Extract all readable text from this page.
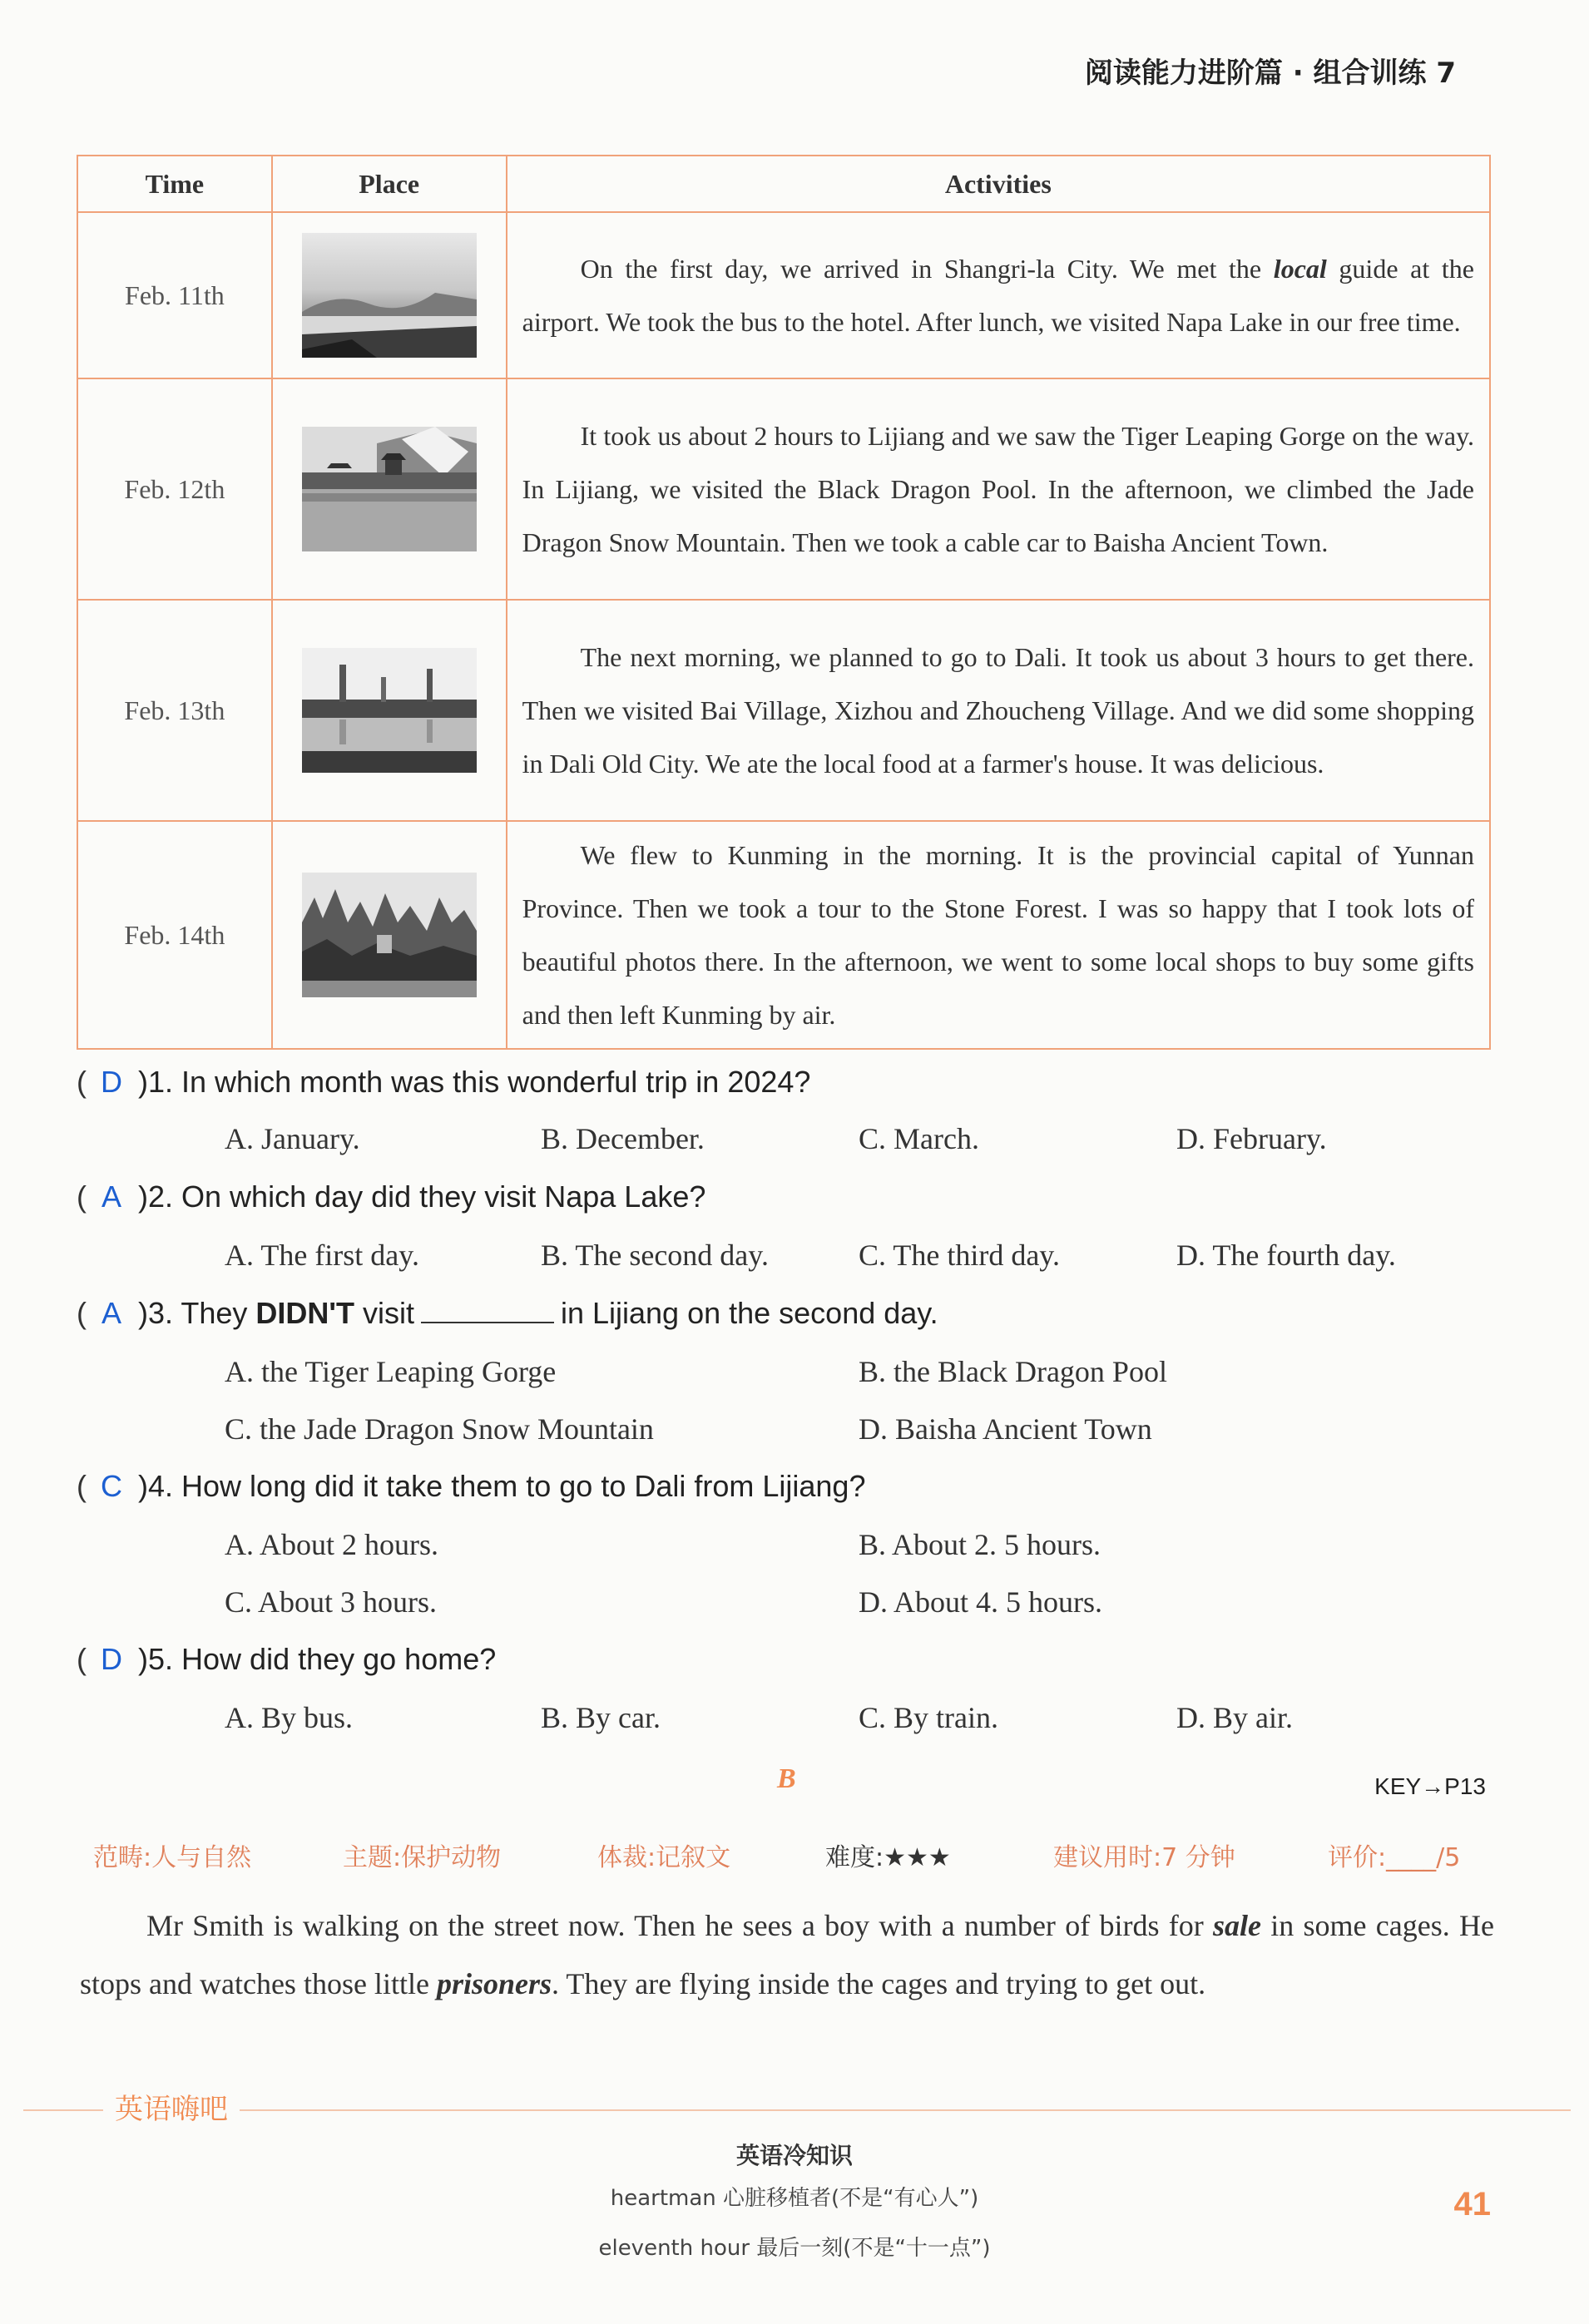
阅读能力进阶篇 · 组合训练 7
Time	Place	Activities
Feb. 11th		On the first day, we arrived in Shangri-la City. We met the local guide at the airport. We took the bus to the hotel. After lunch, we visited Napa Lake in our free time.
Feb. 12th		It took us about 2 hours to Lijiang and we saw the Tiger Leaping Gorge on the way. In Lijiang, we visited the Black Dragon Pool. In the afternoon, we climbed the Jade Dragon Snow Mountain. Then we took a cable car to Baisha Ancient Town.
Feb. 13th		The next morning, we planned to go to Dali. It took us about 3 hours to get there. Then we visited Bai Village, Xizhou and Zhoucheng Village. And we did some shopping in Dali Old City. We ate the local food at a farmer's house. It was delicious.
Feb. 14th		We flew to Kunming in the morning. It is the provincial capital of Yunnan Province. Then we took a tour to the Stone Forest. I was so happy that I took lots of beautiful photos there. In the afternoon, we went to some local shops to buy some gifts and then left Kunming by air.
( D )1. In which month was this wonderful trip in 2024?
A. January.	B. December.	C. March.	D. February.
( A )2. On which day did they visit Napa Lake?
A. The first day.	B. The second day.	C. The third day.	D. The fourth day.
( A )3. They DIDN'T visit	in Lijiang on the second day.
A. the Tiger Leaping Gorge	B. the Black Dragon Pool
C. the Jade Dragon Snow Mountain	D. Baisha Ancient Town
( C )4. How long did it take them to go to Dali from Lijiang?
A. About 2 hours.	B. About 2. 5 hours.
C. About 3 hours.	D. About 4. 5 hours.
( D )5. How did they go home?
A. By bus.	B. By car.	C. By train.	D. By air.
B	KEY→P13
范畴:人与自然	主题:保护动物	体裁:记叙文	难度:★★★	建议用时:7 分钟	评价:____/5
Mr Smith is walking on the street now. Then he sees a boy with a number of birds for sale in some cages. He stops and watches those little prisoners. They are flying inside the cages and trying to get out.
英语嗨吧
英语冷知识
heartman 心脏移植者(不是“有心人”)
eleventh hour 最后一刻(不是“十一点”)
41
